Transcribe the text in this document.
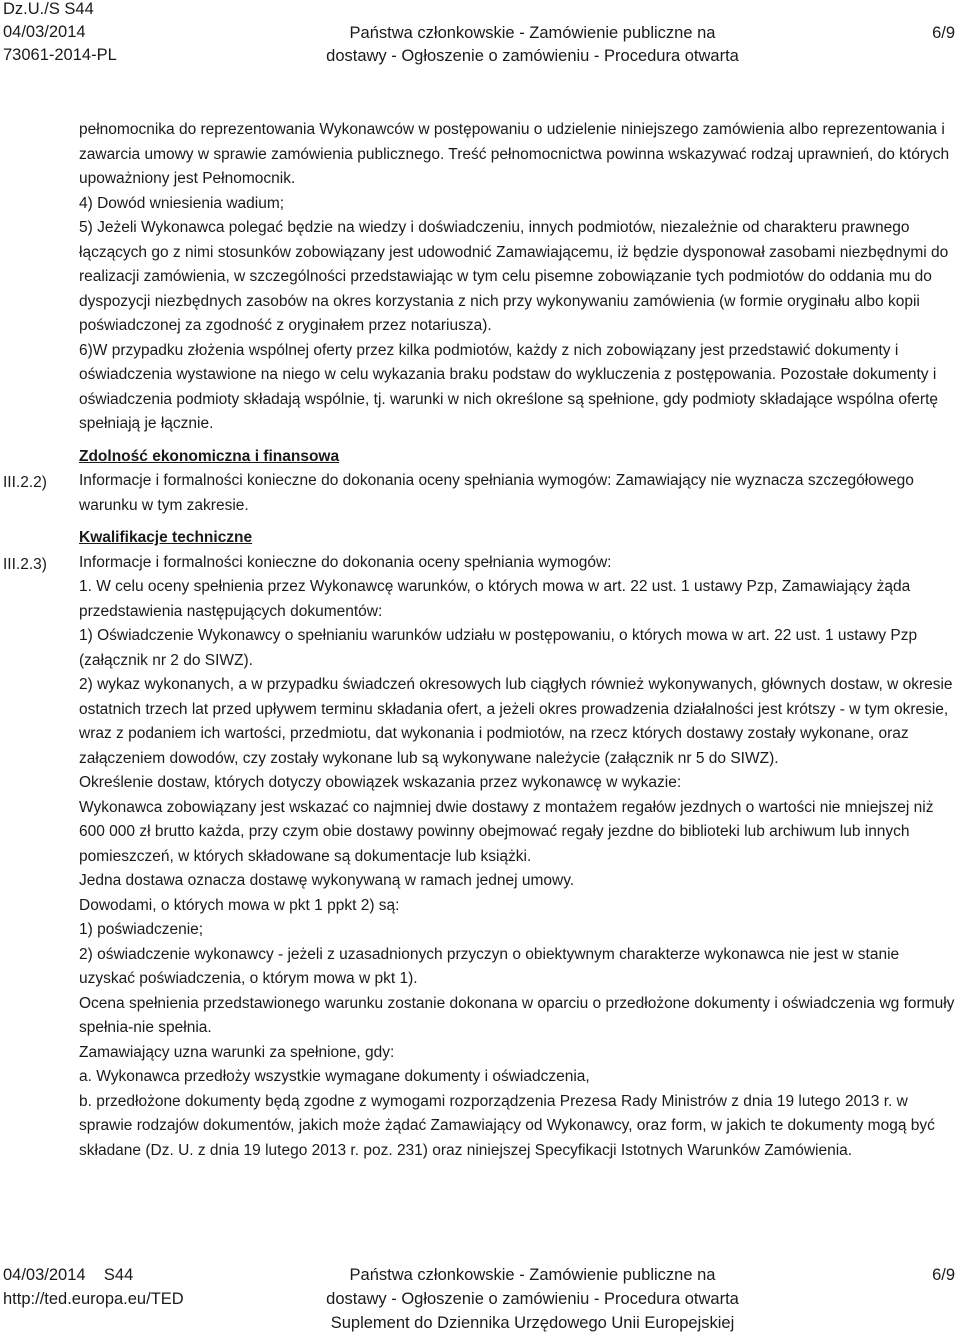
Dz.U./S S44
04/03/2014
73061-2014-PL
Państwa członkowskie - Zamówienie publiczne na
dostawy - Ogłoszenie o zamówieniu - Procedura otwarta
6/9
III.2.2)
III.2.3)

pełnomocnika do reprezentowania Wykonawców w postępowaniu o udzielenie niniejszego zamówienia albo reprezentowania i zawarcia umowy w sprawie zamówienia publicznego. Treść pełnomocnictwa powinna wskazywać rodzaj uprawnień, do których upoważniony jest Pełnomocnik.

4) Dowód wniesienia wadium;

5) Jeżeli Wykonawca polegać będzie na wiedzy i doświadczeniu, innych podmiotów, niezależnie od charakteru prawnego łączących go z nimi stosunków zobowiązany jest udowodnić Zamawiającemu, iż będzie dysponował zasobami niezbędnymi do realizacji zamówienia, w szczególności przedstawiając w tym celu pisemne zobowiązanie tych podmiotów do oddania mu do dyspozycji niezbędnych zasobów na okres korzystania z nich przy wykonywaniu zamówienia (w formie oryginału albo kopii poświadczonej za zgodność z oryginałem przez notariusza).

6)W przypadku złożenia wspólnej oferty przez kilka podmiotów, każdy z nich zobowiązany jest przedstawić dokumenty i oświadczenia wystawione na niego w celu wykazania braku podstaw do wykluczenia z postępowania. Pozostałe dokumenty i oświadczenia podmioty składają wspólnie, tj. warunki w nich określone są spełnione, gdy podmioty składające wspólna ofertę spełniają je łącznie.

Zdolność ekonomiczna i finansowa

Informacje i formalności konieczne do dokonania oceny spełniania wymogów: Zamawiający nie wyznacza szczegółowego warunku w tym zakresie.

Kwalifikacje techniczne

Informacje i formalności konieczne do dokonania oceny spełniania wymogów:

1. W celu oceny spełnienia przez Wykonawcę warunków, o których mowa w art. 22 ust. 1 ustawy Pzp, Zamawiający żąda przedstawienia następujących dokumentów:

1) Oświadczenie Wykonawcy o spełnianiu warunków udziału w postępowaniu, o których mowa w art. 22 ust. 1 ustawy Pzp (załącznik nr 2 do SIWZ).

2) wykaz wykonanych, a w przypadku świadczeń okresowych lub ciągłych również wykonywanych, głównych dostaw, w okresie ostatnich trzech lat przed upływem terminu składania ofert, a jeżeli okres prowadzenia działalności jest krótszy - w tym okresie, wraz z podaniem ich wartości, przedmiotu, dat wykonania i podmiotów, na rzecz których dostawy zostały wykonane, oraz załączeniem dowodów, czy zostały wykonane lub są wykonywane należycie (załącznik nr 5 do SIWZ).

Określenie dostaw, których dotyczy obowiązek wskazania przez wykonawcę w wykazie:

Wykonawca zobowiązany jest wskazać co najmniej dwie dostawy z montażem regałów jezdnych o wartości nie mniejszej niż 600 000 zł brutto każda, przy czym obie dostawy powinny obejmować regały jezdne do biblioteki lub archiwum lub innych pomieszczeń, w których składowane są dokumentacje lub książki.

Jedna dostawa oznacza dostawę wykonywaną w ramach jednej umowy.

Dowodami, o których mowa w pkt 1 ppkt 2) są:

1) poświadczenie;

2) oświadczenie wykonawcy - jeżeli z uzasadnionych przyczyn o obiektywnym charakterze wykonawca nie jest w stanie uzyskać poświadczenia, o którym mowa w pkt 1).

Ocena spełnienia przedstawionego warunku zostanie dokonana w oparciu o przedłożone dokumenty i oświadczenia wg formuły spełnia-nie spełnia.

Zamawiający uzna warunki za spełnione, gdy:

a. Wykonawca przedłoży wszystkie wymagane dokumenty i oświadczenia,

b. przedłożone dokumenty będą zgodne z wymogami rozporządzenia Prezesa Rady Ministrów z dnia 19 lutego 2013 r. w sprawie rodzajów dokumentów, jakich może żądać Zamawiający od Wykonawcy, oraz form, w jakich te dokumenty mogą być składane (Dz. U. z dnia 19 lutego 2013 r. poz. 231) oraz niniejszej Specyfikacji Istotnych Warunków Zamówienia.

04/03/2014    S44
http://ted.europa.eu/TED
Państwa członkowskie - Zamówienie publiczne na
dostawy - Ogłoszenie o zamówieniu - Procedura otwarta
Suplement do Dziennika Urzędowego Unii Europejskiej
6/9
